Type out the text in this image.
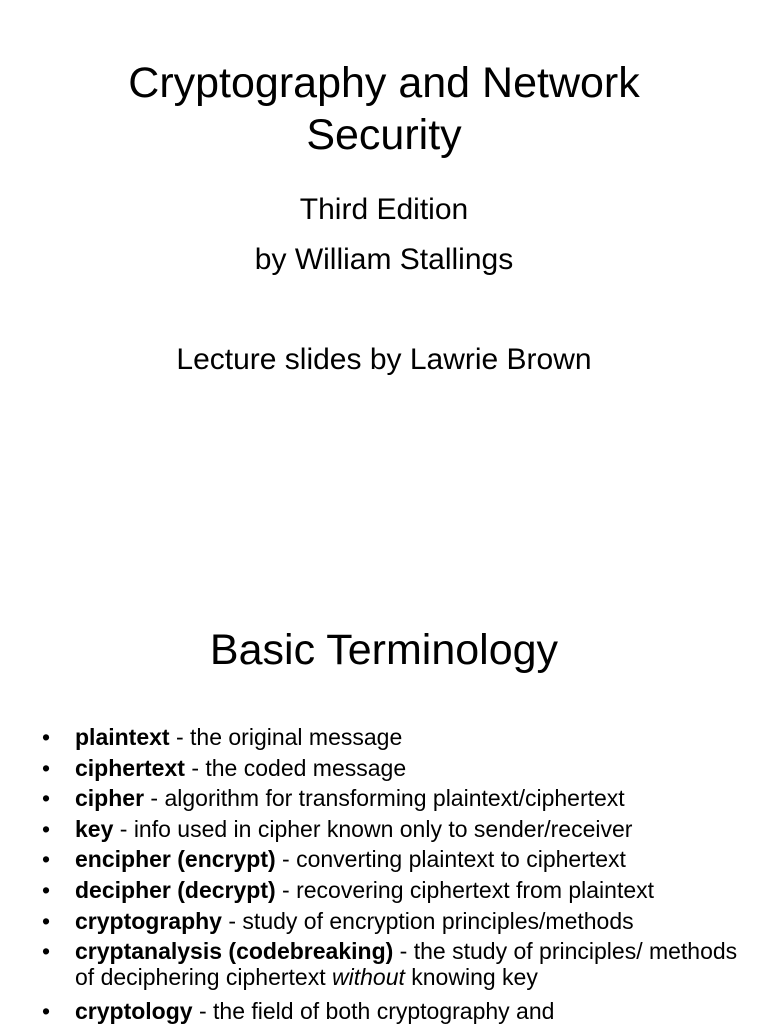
Cryptography and Network
Security
Third Edition
by William Stallings
Lecture slides by Lawrie Brown
Basic Terminology
• plaintext - the original message
• ciphertext - the coded message
• cipher - algorithm for transforming plaintext/ciphertext
• key - info used in cipher known only to sender/receiver
• encipher (encrypt) - converting plaintext to ciphertext
• decipher (decrypt) - recovering ciphertext from plaintext
• cryptography - study of encryption principles/methods
• cryptanalysis (codebreaking) - the study of principles/ methods of deciphering ciphertext without knowing key
• cryptology - the field of both cryptography and
